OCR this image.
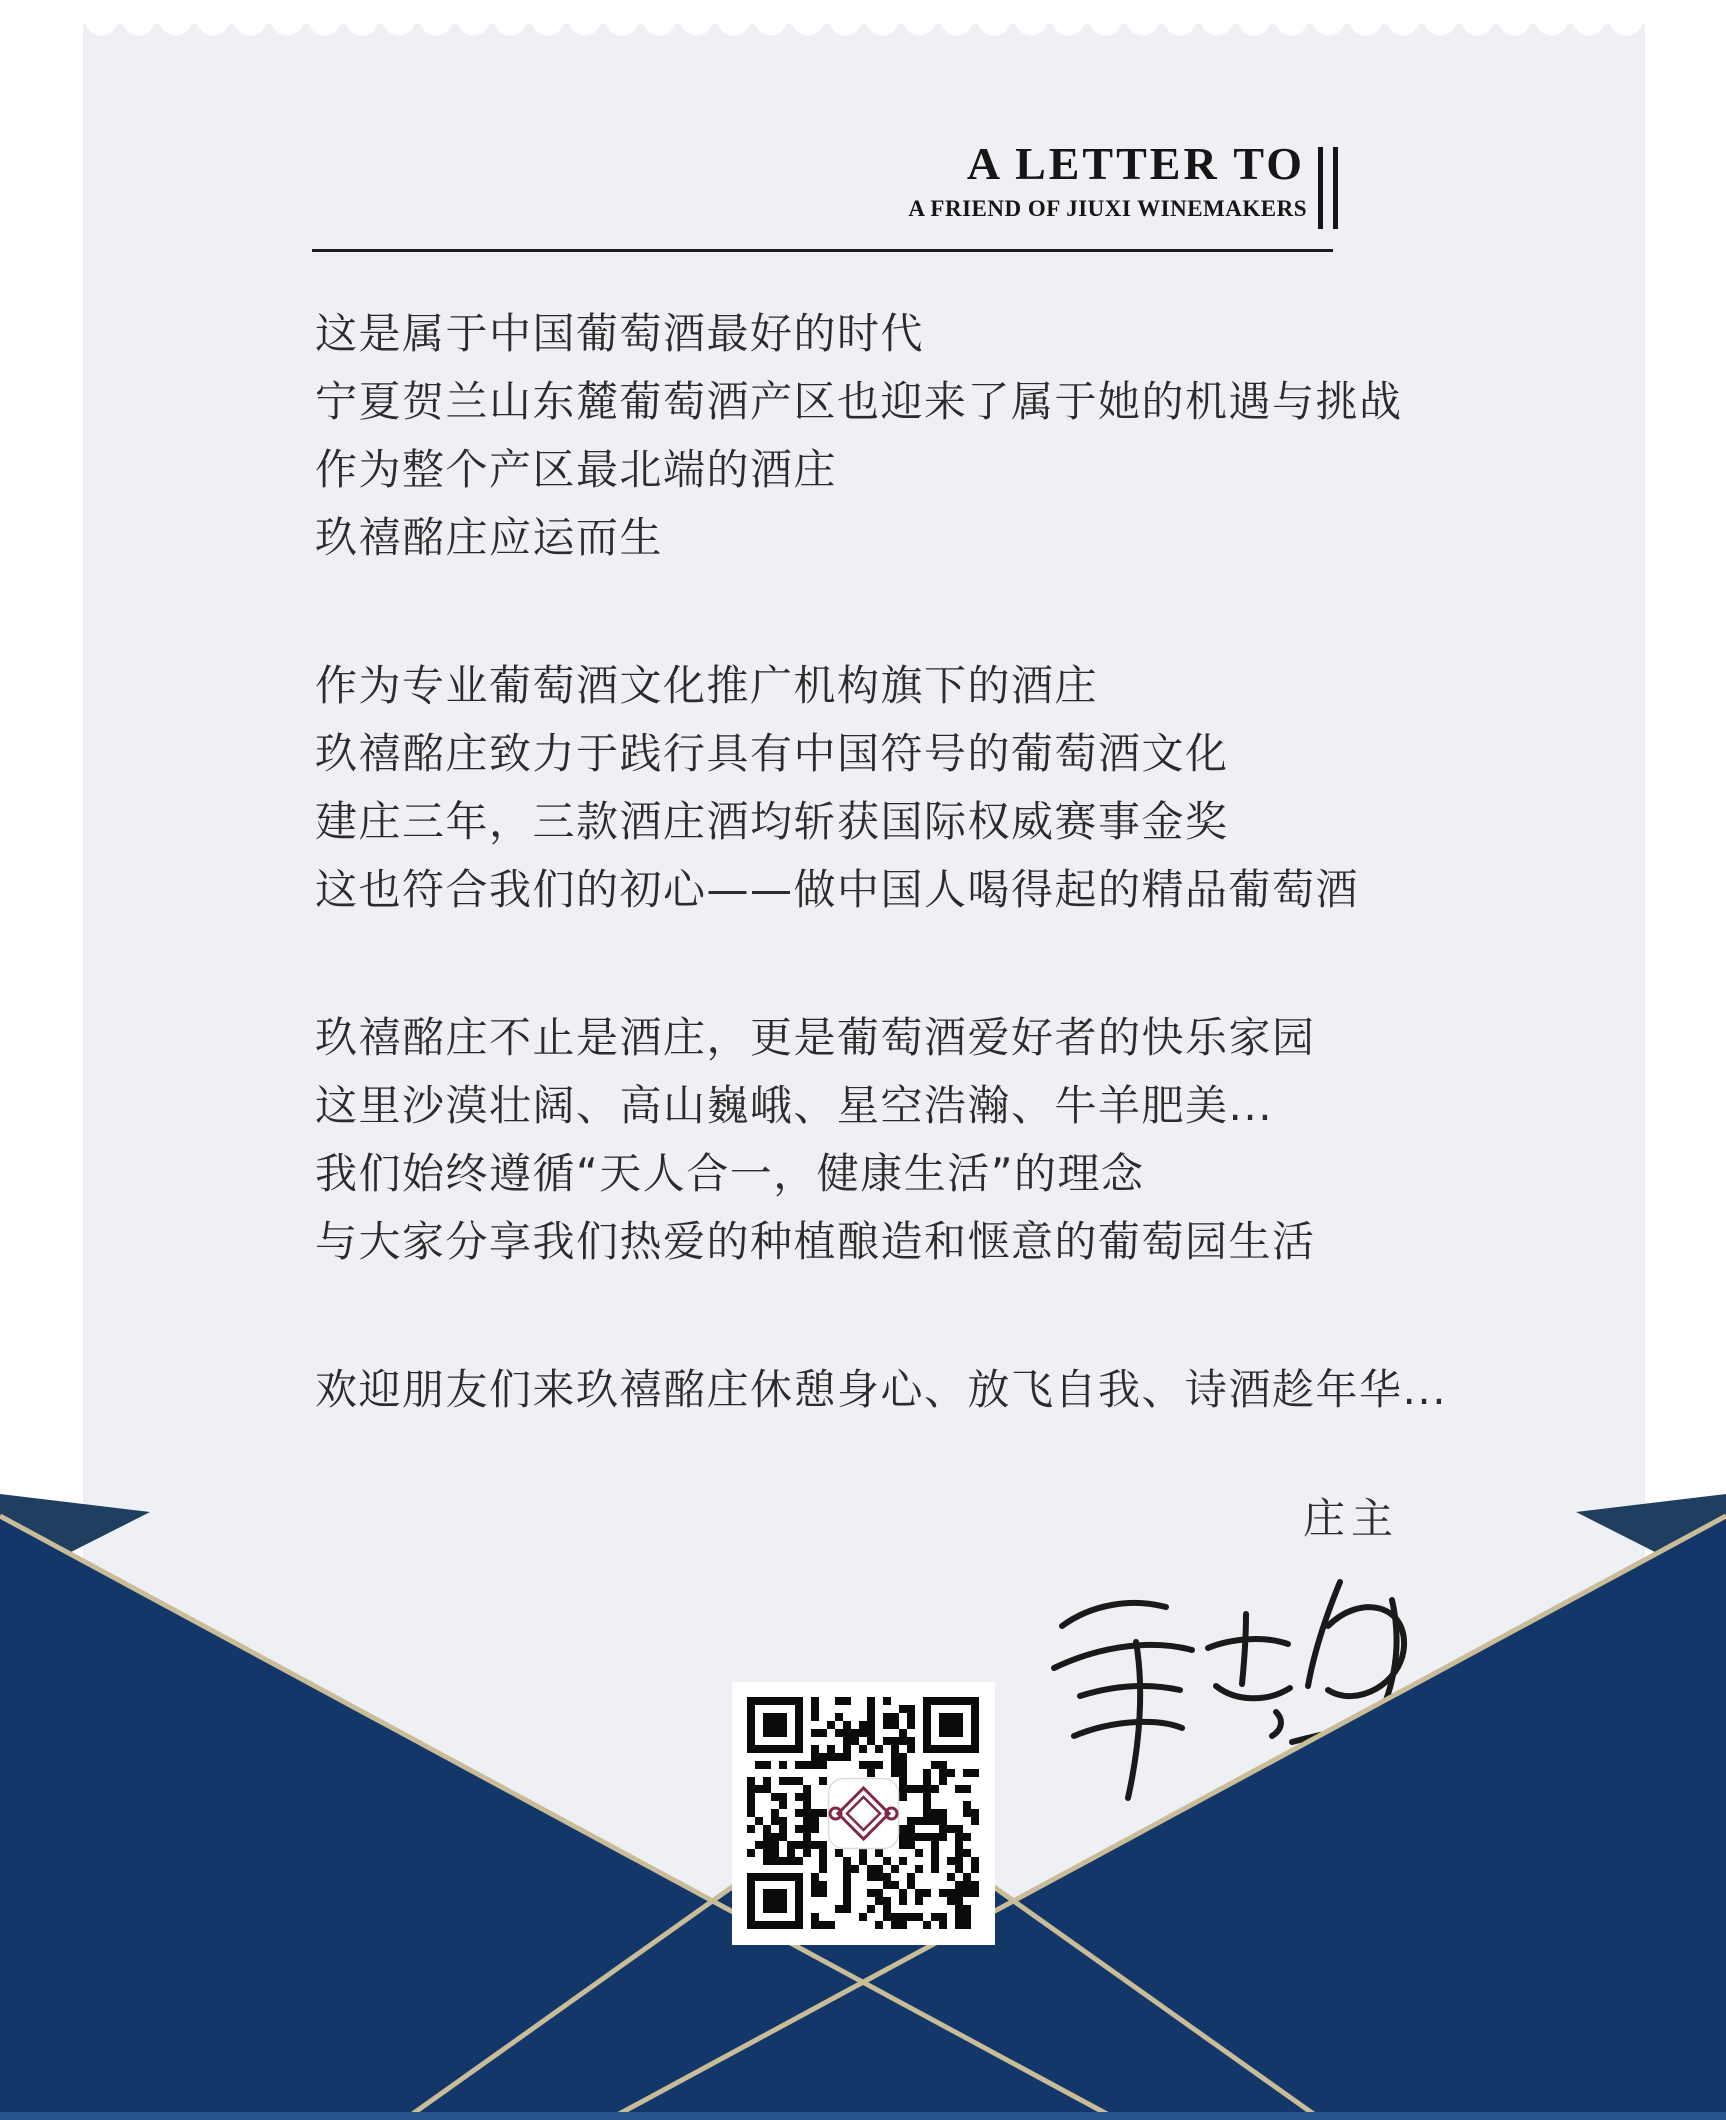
A LETTER TO
A FRIEND OF JIUXI WINEMAKERS

这是属于中国葡萄酒最好的时代
宁夏贺兰山东麓葡萄酒产区也迎来了属于她的机遇与挑战
作为整个产区最北端的酒庄
玖禧酩庄应运而生

作为专业葡萄酒文化推广机构旗下的酒庄
玖禧酩庄致力于践行具有中国符号的葡萄酒文化
建庄三年，三款酒庄酒均斩获国际权威赛事金奖
这也符合我们的初心——做中国人喝得起的精品葡萄酒

玖禧酩庄不止是酒庄，更是葡萄酒爱好者的快乐家园
这里沙漠壮阔、高山巍峨、星空浩瀚、牛羊肥美...
我们始终遵循“天人合一，健康生活”的理念
与大家分享我们热爱的种植酿造和惬意的葡萄园生活

欢迎朋友们来玖禧酩庄休憩身心、放飞自我、诗酒趁年华...

庄主
